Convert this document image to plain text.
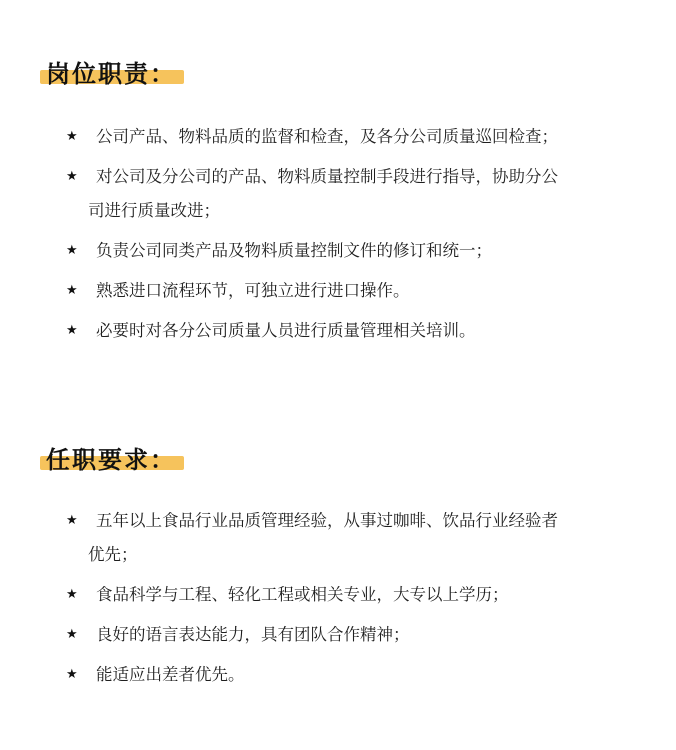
岗位职责：
★ 公司产品、物料品质的监督和检查，及各分公司质量巡回检查；
★ 对公司及分公司的产品、物料质量控制手段进行指导，协助分公
司进行质量改进；
★ 负责公司同类产品及物料质量控制文件的修订和统一；
★ 熟悉进口流程环节，可独立进行进口操作。
★ 必要时对各分公司质量人员进行质量管理相关培训。
任职要求：
★ 五年以上食品行业品质管理经验，从事过咖啡、饮品行业经验者
优先；
★ 食品科学与工程、轻化工程或相关专业，大专以上学历；
★ 良好的语言表达能力，具有团队合作精神；
★ 能适应出差者优先。
